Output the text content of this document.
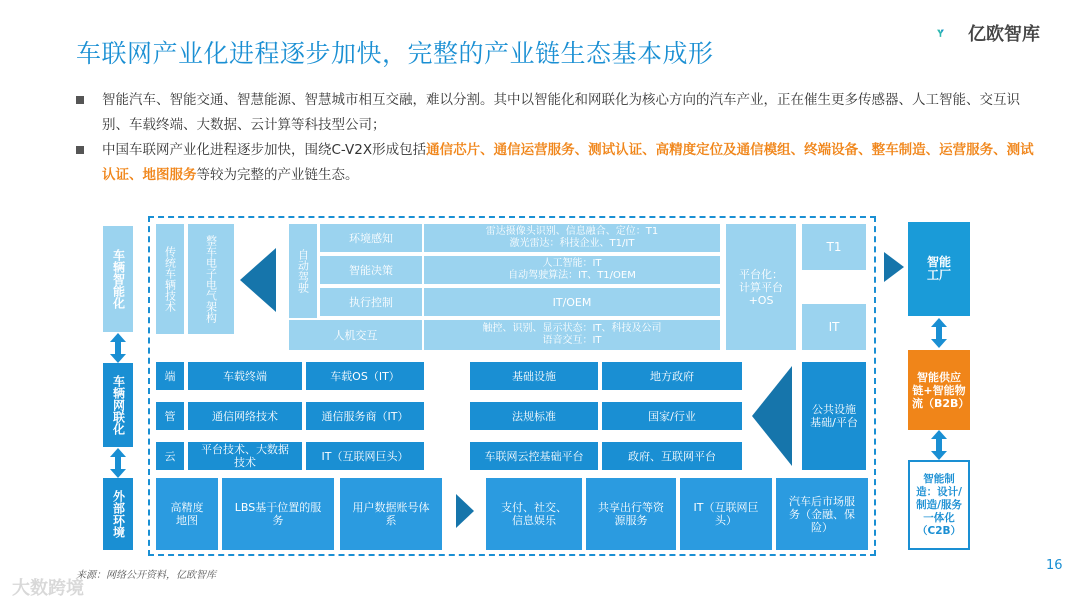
车联网产业化进程逐步加快，完整的产业链生态基本成形
亿欧智库
智能汽车、智能交通、智慧能源、智慧城市相互交融，难以分割。其中以智能化和网联化为核心方向的汽车产业，正在催生更多传感器、人工智能、交互识别、车载终端、大数据、云计算等科技型公司；
中国车联网产业化进程逐步加快，围绕C-V2X形成包括通信芯片、通信运营服务、测试认证、高精度定位及通信模组、终端设备、整车制造、运营服务、测试认证、地图服务等较为完整的产业链生态。
车辆智能化
车辆网联化
外部环境
传统车辆技术	整车电子电气架构	自动驾驶
环境感知	雷达摄像头识别、信息融合、定位：T1
激光雷达：科技企业、T1/IT
智能决策	人工智能：IT
自动驾驶算法：IT、T1/OEM
执行控制	IT/OEM
人机交互	触控、识别、显示状态：IT、科技及公司
语音交互：IT
平台化：
计算平台
+OS
T1
IT
端	车载终端	车载OS（IT）
管	通信网络技术	通信服务商（IT）
云	平台技术、大数据技术	IT（互联网巨头）
基础设施	地方政府
法规标准	国家/行业
车联网云控基础平台	政府、互联网平台
公共设施基础/平台
高精度地图
LBS基于位置的服务
用户数据账号体系
支付、社交、信息娱乐
共享出行等资源服务
IT（互联网巨头）
汽车后市场服务（金融、保险）
智能工厂
智能供应链+智能物流（B2B）
智能制造：设计/制造/服务一体化（C2B）
来源：网络公开资料，亿欧智库
16
大数跨境
